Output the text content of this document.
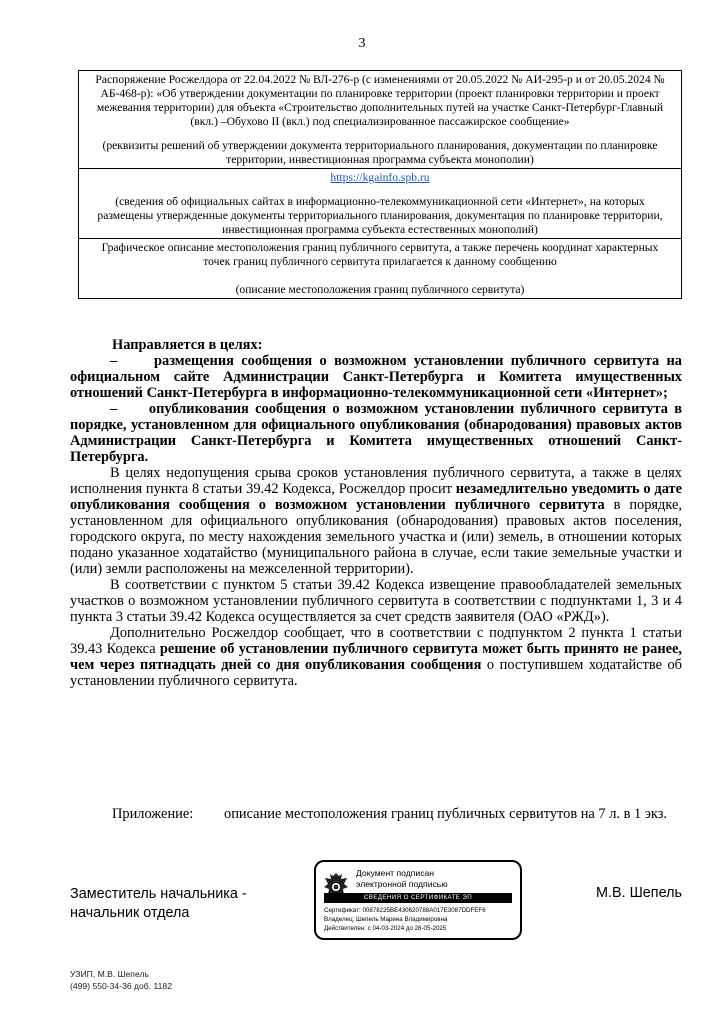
3
Распоряжение Росжелдора от 22.04.2022 № ВЛ-276-р (с изменениями от 20.05.2022 № АИ-295-р и от 20.05.2024 № АБ-468-р): «Об утверждении документации по планировке территории (проект планировки территории и проект межевания территории) для объекта «Строительство дополнительных путей на участке Санкт-Петербург-Главный (вкл.) –Обухово II (вкл.) под специализированное пассажирское сообщение»
(реквизиты решений об утверждении документа территориального планирования, документации по планировке территории, инвестиционная программа субъекта монополии)

https://kgainfo.spb.ru
(сведения об официальных сайтах в информационно-телекоммуникационной сети «Интернет», на которых размещены утвержденные документы территориального планирования, документация по планировке территории, инвестиционная программа субъекта естественных монополий)

Графическое описание местоположения границ публичного сервитута, а также перечень координат характерных точек границ публичного сервитута прилагается к данному сообщению
(описание местоположения границ публичного сервитута)

Направляется в целях:

–     размещения сообщения о возможном установлении публичного сервитута на официальном сайте Администрации Санкт-Петербурга и Комитета имущественных отношений Санкт-Петербурга в информационно-телекоммуникационной сети «Интернет»;

–     опубликования сообщения о возможном установлении публичного сервитута в порядке, установленном для официального опубликования (обнародования) правовых актов Администрации Санкт-Петербурга и Комитета имущественных отношений Санкт-Петербурга.

В целях недопущения срыва сроков установления публичного сервитута, а также в целях исполнения пункта 8 статьи 39.42 Кодекса, Росжелдор просит незамедлительно уведомить о дате опубликования сообщения о возможном установлении публичного сервитута в порядке, установленном для официального опубликования (обнародования) правовых актов поселения, городского округа, по месту нахождения земельного участка и (или) земель, в отношении которых подано указанное ходатайство (муниципального района в случае, если такие земельные участки и (или) земли расположены на межселенной территории).

В соответствии с пунктом 5 статьи 39.42 Кодекса извещение правообладателей земельных участков о возможном установлении публичного сервитута в соответствии с подпунктами 1, 3 и 4 пункта 3 статьи 39.42 Кодекса осуществляется за счет средств заявителя (ОАО «РЖД»).

Дополнительно Росжелдор сообщает, что в соответствии с подпунктом 2 пункта 1 статьи 39.43 Кодекса решение об установлении публичного сервитута может быть принято не ранее, чем через пятнадцать дней со дня опубликования сообщения о поступившем ходатайстве об установлении публичного сервитута.

Приложение:	описание местоположения границ публичных сервитутов на 7 л. в 1 экз.
Заместитель начальника -
начальник отдела
М.В. Шепель
Документ подписан
электронной подписью
СВЕДЕНИЯ О СЕРТИФИКАТЕ ЭП
Сертификат: 00878225BE430620788A017E3087DDFEF6
Владелец: Шепель Марина Владимировна
Действителен: с 04-03-2024 до 28-05-2025
УЗИП, М.В. Шепель
(499) 550-34-36 доб. 1182
